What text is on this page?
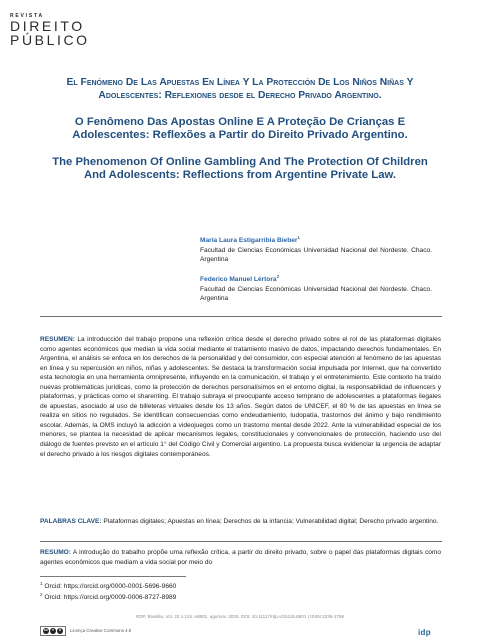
REVISTA
DIREITO
PÚBLICO

El Fenómeno De Las Apuestas En Línea Y La Protección De Los Niños Niñas Y Adolescentes: Reflexiones desde el Derecho Privado Argentino.

O Fenômeno Das Apostas Online E A Proteção De Crianças E Adolescentes: Reflexões a Partir do Direito Privado Argentino.

The Phenomenon Of Online Gambling And The Protection Of Children And Adolescents: Reflections from Argentine Private Law.

María Laura Estigarribia Bieber$^1$
Facultad de Ciencias Económicas Universidad Nacional del Nordeste. Chaco. Argentina
Federico Manuel Lértora$^2$
Facultad de Ciencias Económicas Universidad Nacional del Nordeste. Chaco. Argentina

RESUMEN: La introducción del trabajo propone una reflexión crítica desde el derecho privado sobre el rol de las plataformas digitales como agentes económicos que median la vida social mediante el tratamiento masivo de datos, impactando derechos fundamentales. En Argentina, el análisis se enfoca en los derechos de la personalidad y del consumidor, con especial atención al fenómeno de las apuestas en línea y su repercusión en niños, niñas y adolescentes. Se destaca la transformación social impulsada por Internet, que ha convertido esta tecnología en una herramienta omnipresente, influyendo en la comunicación, el trabajo y el entretenimiento. Este contexto ha traído nuevas problemáticas jurídicas, como la protección de derechos personalísimos en el entorno digital, la responsabilidad de influencers y plataformas, y prácticas como el sharenting. El trabajo subraya el preocupante acceso temprano de adolescentes a plataformas ilegales de apuestas, asociado al uso de billeteras virtuales desde los 13 años. Según datos de UNICEF, el 80 % de las apuestas en línea se realiza en sitios no regulados. Se identifican consecuencias como endeudamiento, ludopatía, trastornos del ánimo y bajo rendimiento escolar. Además, la OMS incluyó la adicción a videojuegos como un trastorno mental desde 2022. Ante la vulnerabilidad especial de los menores, se plantea la necesidad de aplicar mecanismos legales, constitucionales y convencionales de protección, haciendo uso del diálogo de fuentes previsto en el artículo 1° del Código Civil y Comercial argentino. La propuesta busca evidenciar la urgencia de adaptar el derecho privado a los riesgos digitales contemporáneos.

PALABRAS CLAVE: Plataformas digitales; Apuestas en línea; Derechos de la infancia; Vulnerabilidad digital; Derecho privado argentino.

RESUMO: A introdução do trabalho propõe uma reflexão crítica, a partir do direito privado, sobre o papel das plataformas digitais como agentes econômicos que mediam a vida social por meio do

$^1$ Orcid: https://orcid.org/0000-0001-5696-9660
$^2$ Orcid: https://orcid.org/0009-0006-8727-8989
RDP, Brasília, Vol. 22 n.115, e8801, ago/nov. 2025, DOI: 10.11117/rdp.v22i115.8801 | ISSN 2236-1766
cc	●	$	Licença Creative Commons 4.0	idp
